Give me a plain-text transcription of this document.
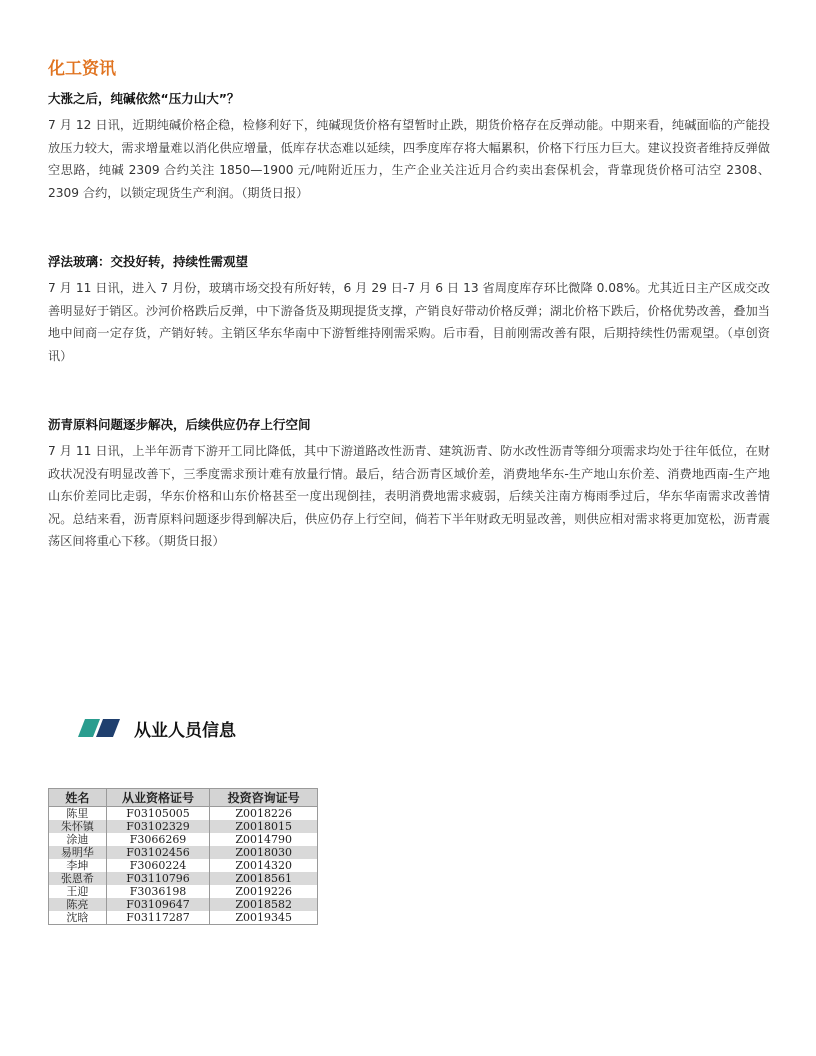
化工资讯

大涨之后，纯碱依然“压力山大”？

7 月 12 日讯，近期纯碱价格企稳，检修利好下，纯碱现货价格有望暂时止跌，期货价格存在反弹动能。中期来看，纯碱面临的产能投放压力较大，需求增量难以消化供应增量，低库存状态难以延续，四季度库存将大幅累积，价格下行压力巨大。建议投资者维持反弹做空思路，纯碱 2309 合约关注 1850—1900 元/吨附近压力，生产企业关注近月合约卖出套保机会，背靠现货价格可沽空 2308、2309 合约，以锁定现货生产利润。（期货日报）

浮法玻璃：交投好转，持续性需观望

7 月 11 日讯，进入 7 月份，玻璃市场交投有所好转，6 月 29 日-7 月 6 日 13 省周度库存环比微降 0.08%。尤其近日主产区成交改善明显好于销区。沙河价格跌后反弹，中下游备货及期现提货支撑，产销良好带动价格反弹；湖北价格下跌后，价格优势改善，叠加当地中间商一定存货，产销好转。主销区华东华南中下游暂维持刚需采购。后市看，目前刚需改善有限，后期持续性仍需观望。（卓创资讯）

沥青原料问题逐步解决，后续供应仍存上行空间

7 月 11 日讯，上半年沥青下游开工同比降低，其中下游道路改性沥青、建筑沥青、防水改性沥青等细分项需求均处于往年低位，在财政状况没有明显改善下，三季度需求预计难有放量行情。最后，结合沥青区域价差，消费地华东-生产地山东价差、消费地西南-生产地山东价差同比走弱，华东价格和山东价格甚至一度出现倒挂，表明消费地需求疲弱，后续关注南方梅雨季过后，华东华南需求改善情况。总结来看，沥青原料问题逐步得到解决后，供应仍存上行空间，倘若下半年财政无明显改善，则供应相对需求将更加宽松，沥青震荡区间将重心下移。（期货日报）

从业人员信息
姓名	从业资格证号	投资咨询证号
陈里	F03105005	Z0018226
朱怀镇	F03102329	Z0018015
涂迪	F3066269	Z0014790
易明华	F03102456	Z0018030
李坤	F3060224	Z0014320
张恩希	F03110796	Z0018561
王迎	F3036198	Z0019226
陈亮	F03109647	Z0018582
沈晗	F03117287	Z0019345
